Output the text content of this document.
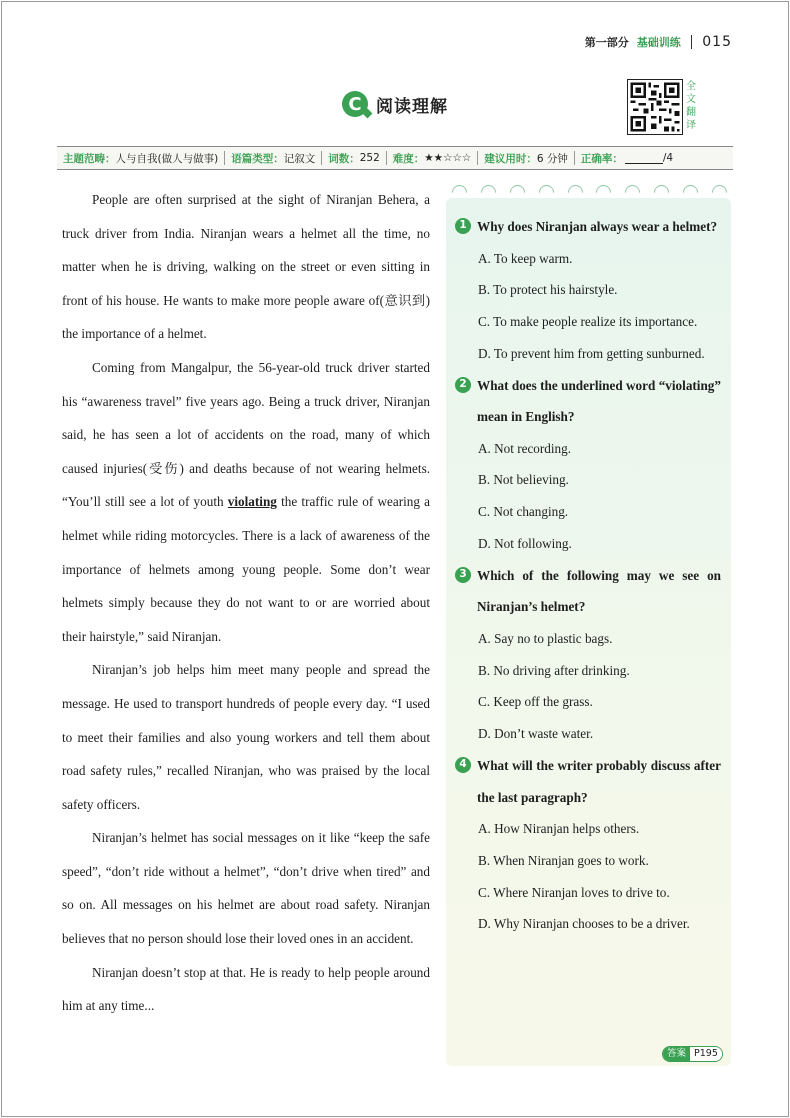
第一部分 基础训练 015
C 阅读理解
全文翻译
主题范畴： 人与自我(做人与做事) 语篇类型： 记叙文 词数： 252 难度： ★★☆☆☆ 建议用时： 6 分钟 正确率：	/4

People are often surprised at the sight of Niranjan Behera, a truck driver from India. Niranjan wears a helmet all the time, no matter when he is driving, walking on the street or even sitting in front of his house. He wants to make more people aware of(意识到) the importance of a helmet.

Coming from Mangalpur, the 56-year-old truck driver started his “awareness travel” five years ago. Being a truck driver, Niranjan said, he has seen a lot of accidents on the road, many of which caused injuries(受伤) and deaths because of not wearing helmets. “You’ll still see a lot of youth violating the traffic rule of wearing a helmet while riding motorcycles. There is a lack of awareness of the importance of helmets among young people. Some don’t wear helmets simply because they do not want to or are worried about their hairstyle,” said Niranjan.

Niranjan’s job helps him meet many people and spread the message. He used to transport hundreds of people every day. “I used to meet their families and also young workers and tell them about road safety rules,” recalled Niranjan, who was praised by the local safety officers.

Niranjan’s helmet has social messages on it like “keep the safe speed”, “don’t ride without a helmet”, “don’t drive when tired” and so on. All messages on his helmet are about road safety. Niranjan believes that no person should lose their loved ones in an accident.

Niranjan doesn’t stop at that. He is ready to help people around him at any time...

1 Why does Niranjan always wear a helmet?
A. To keep warm.
B. To protect his hairstyle.
C. To make people realize its importance.
D. To prevent him from getting sunburned.
2 What does the underlined word “violating” mean in English?
A. Not recording.
B. Not believing.
C. Not changing.
D. Not following.
3 Which of the following may we see on Niranjan’s helmet?
A. Say no to plastic bags.
B. No driving after drinking.
C. Keep off the grass.
D. Don’t waste water.
4 What will the writer probably discuss after the last paragraph?
A. How Niranjan helps others.
B. When Niranjan goes to work.
C. Where Niranjan loves to drive to.
D. Why Niranjan chooses to be a driver.
答案 P195
